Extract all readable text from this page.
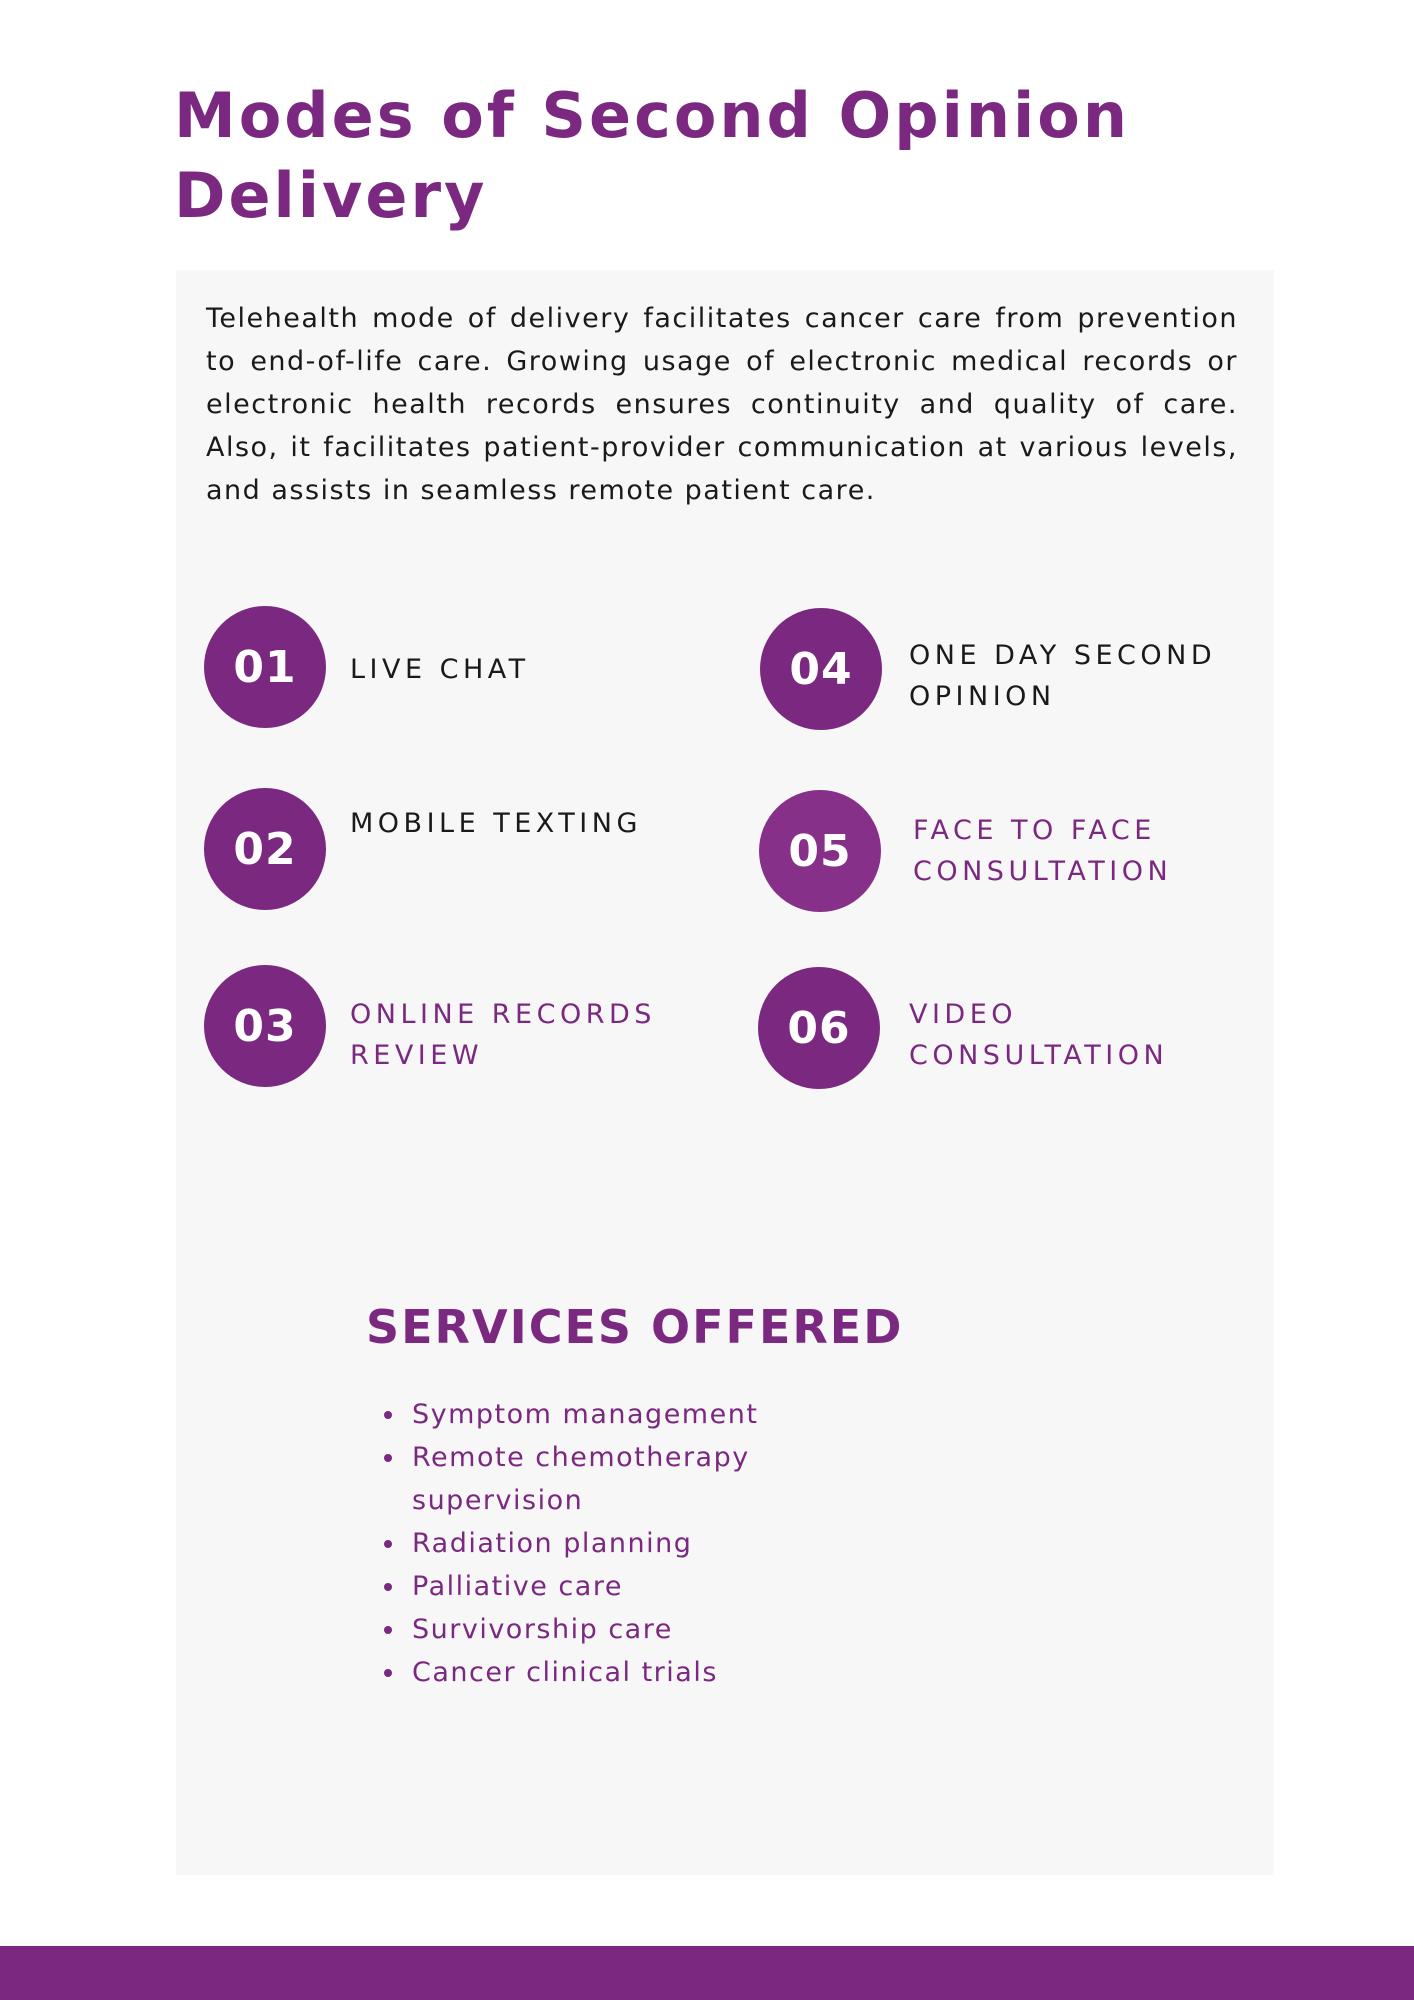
Modes of Second Opinion Delivery

Telehealth mode of delivery facilitates cancer care from prevention to end-of-life care. Growing usage of electronic medical records or electronic health records ensures continuity and quality of care. Also, it facilitates patient-provider communication at various levels, and assists in seamless remote patient care.

01	LIVE CHAT

02	MOBILE TEXTING

03	ONLINE RECORDS REVIEW

04	ONE DAY SECOND OPINION

05	FACE TO FACE CONSULTATION

06	VIDEO CONSULTATION

SERVICES OFFERED
Symptom management
Remote chemotherapy supervision
Radiation planning
Palliative care
Survivorship care
Cancer clinical trials
